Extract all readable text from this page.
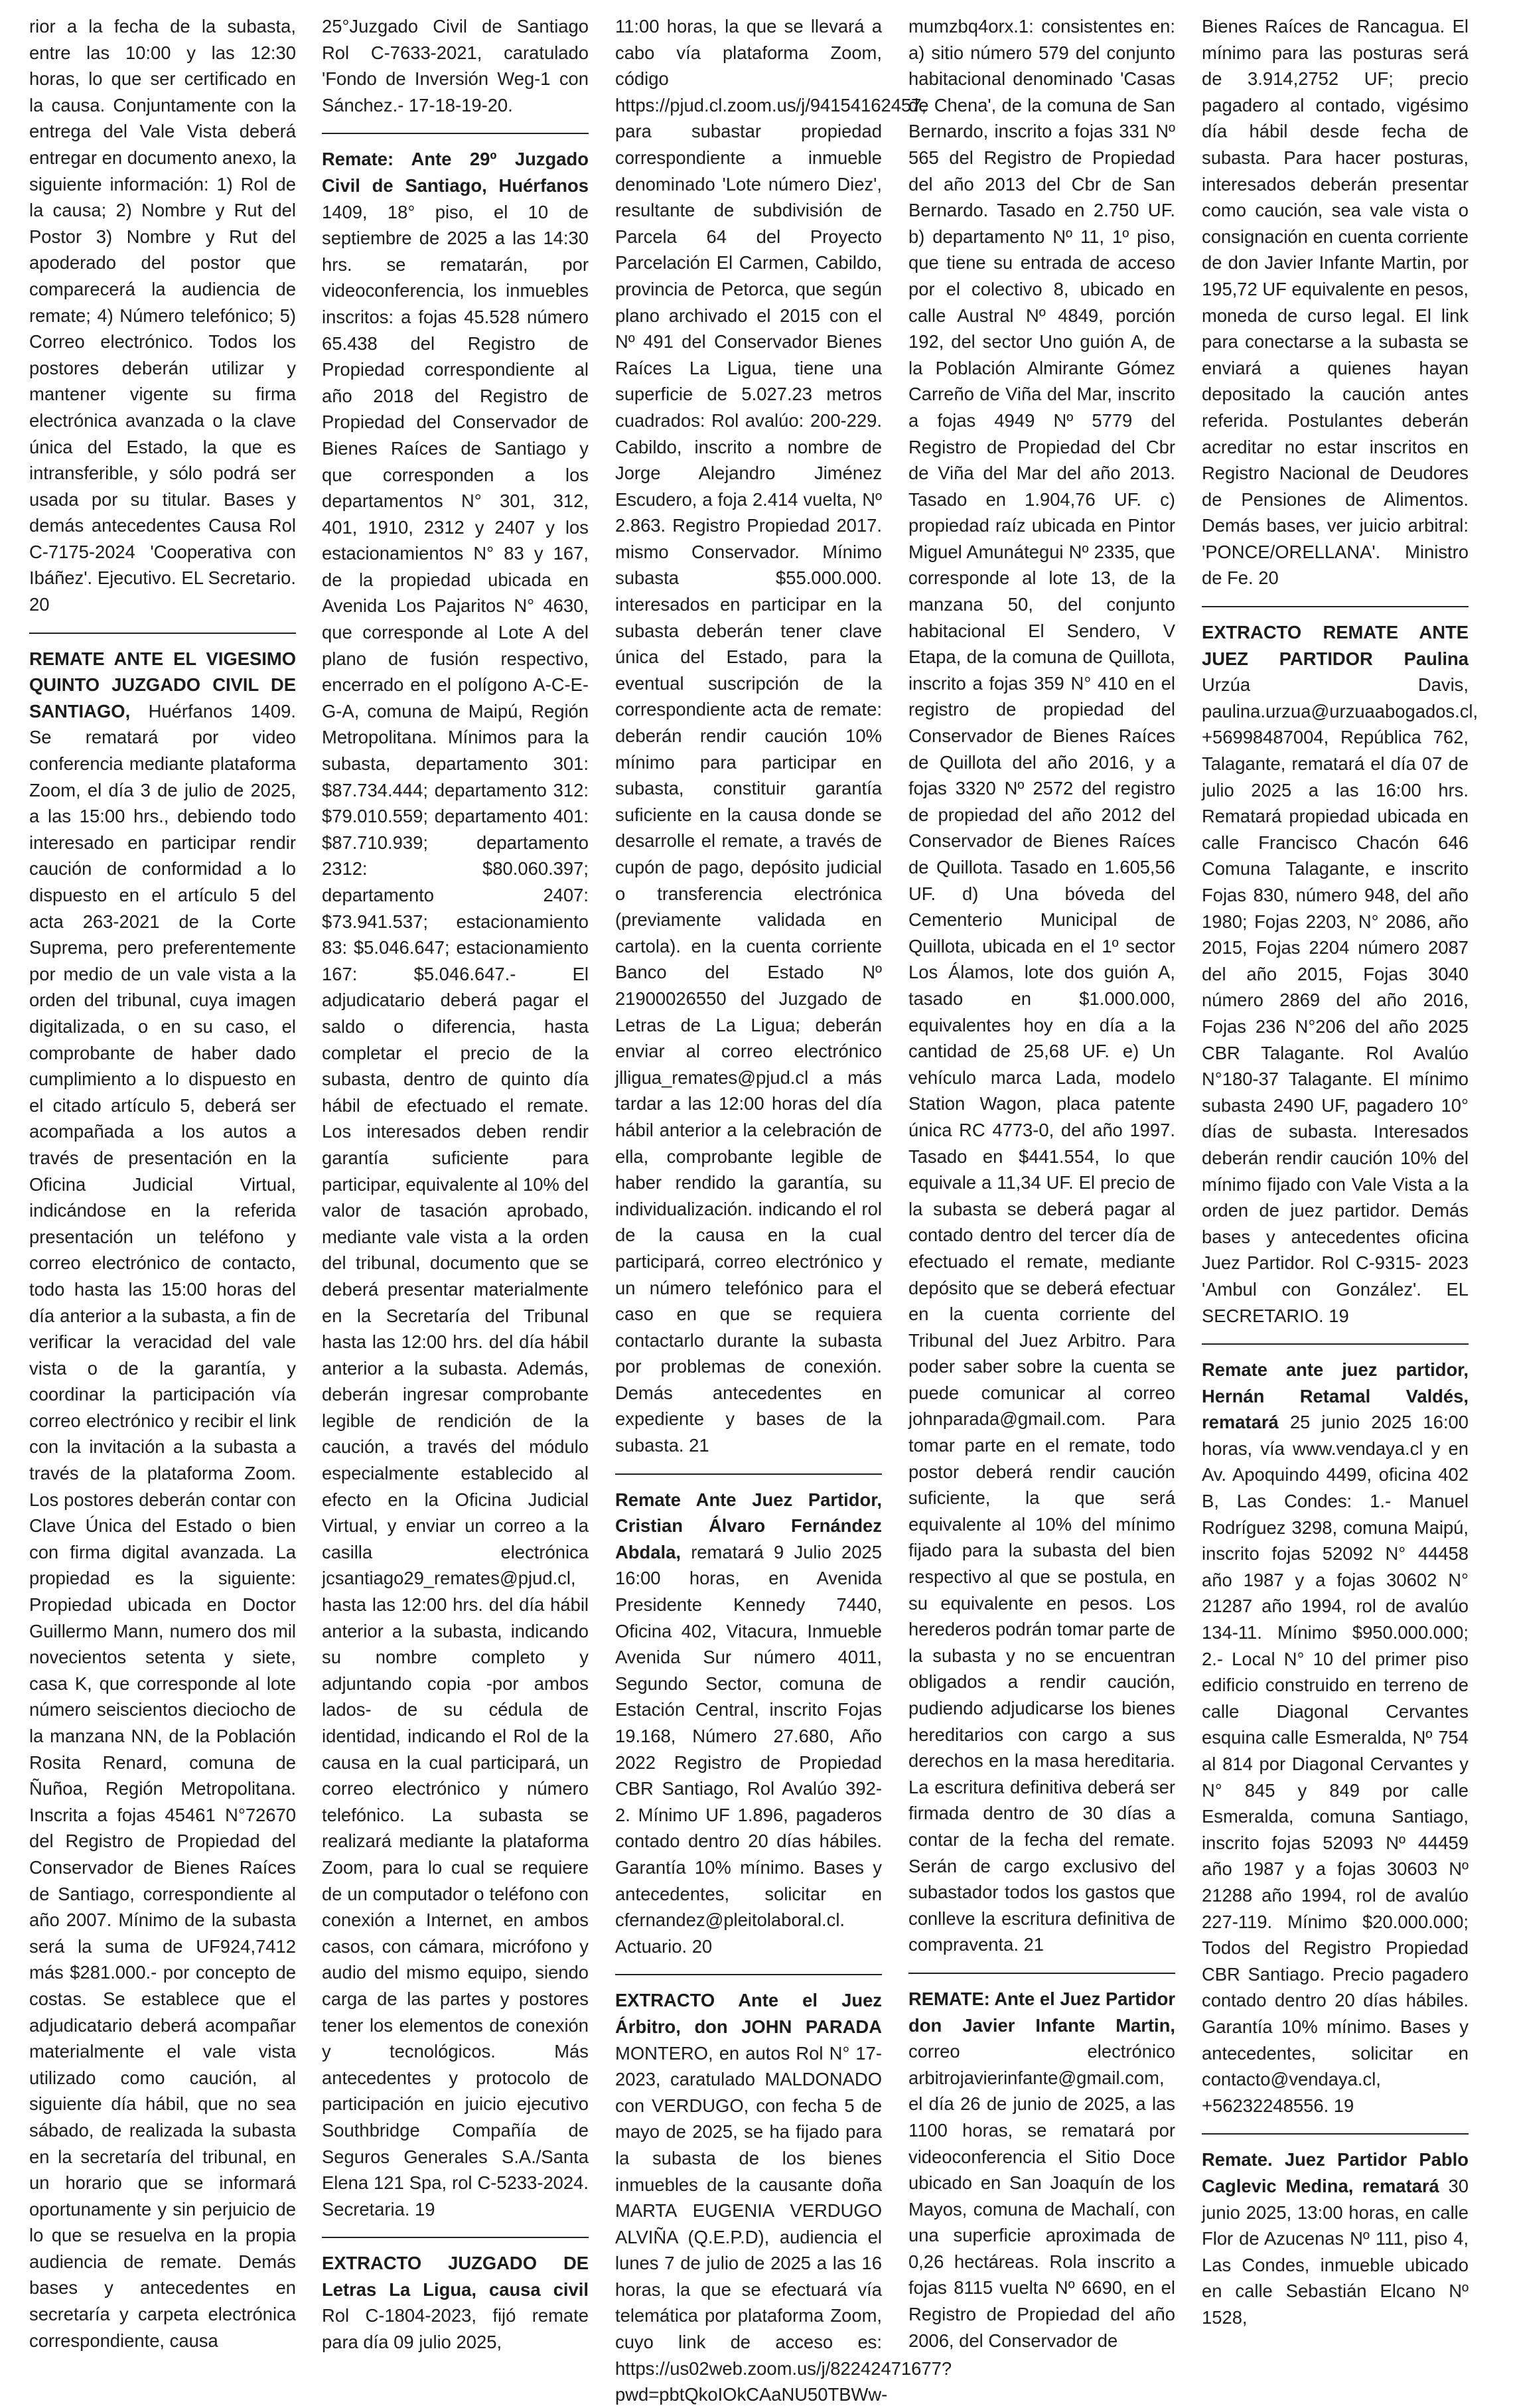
rior a la fecha de la subasta, entre las 10:00 y las 12:30 horas, lo que ser certificado en la causa. Conjuntamente con la entrega del Vale Vista deberá entregar en documento anexo, la siguiente información: 1) Rol de la causa; 2) Nombre y Rut del Postor 3) Nombre y Rut del apoderado del postor que comparecerá la audiencia de remate; 4) Número telefónico; 5) Correo electrónico. Todos los postores deberán utilizar y mantener vigente su firma electrónica avanzada o la clave única del Estado, la que es intransferible, y sólo podrá ser usada por su titular. Bases y demás antecedentes Causa Rol C-7175-2024 'Cooperativa con Ibáñez'. Ejecutivo. EL Secretario. 20

REMATE ANTE EL VIGESIMO QUINTO JUZGADO CIVIL DE SANTIAGO, Huérfanos 1409. Se rematará por video conferencia mediante plataforma Zoom, el día 3 de julio de 2025, a las 15:00 hrs., debiendo todo interesado en participar rendir caución de conformidad a lo dispuesto en el artículo 5 del acta 263-2021 de la Corte Suprema, pero preferentemente por medio de un vale vista a la orden del tribunal, cuya imagen digitalizada, o en su caso, el comprobante de haber dado cumplimiento a lo dispuesto en el citado artículo 5, deberá ser acompañada a los autos a través de presentación en la Oficina Judicial Virtual, indicándose en la referida presentación un teléfono y correo electrónico de contacto, todo hasta las 15:00 horas del día anterior a la subasta, a fin de verificar la veracidad del vale vista o de la garantía, y coordinar la participación vía correo electrónico y recibir el link con la invitación a la subasta a través de la plataforma Zoom. Los postores deberán contar con Clave Única del Estado o bien con firma digital avanzada. La propiedad es la siguiente: Propiedad ubicada en Doctor Guillermo Mann, numero dos mil novecientos setenta y siete, casa K, que corresponde al lote número seiscientos dieciocho de la manzana NN, de la Población Rosita Renard, comuna de Ñuñoa, Región Metropolitana. Inscrita a fojas 45461 N°72670 del Registro de Propiedad del Conservador de Bienes Raíces de Santiago, correspondiente al año 2007. Mínimo de la subasta será la suma de UF924,7412 más $281.000.- por concepto de costas. Se establece que el adjudicatario deberá acompañar materialmente el vale vista utilizado como caución, al siguiente día hábil, que no sea sábado, de realizada la subasta en la secretaría del tribunal, en un horario que se informará oportunamente y sin perjuicio de lo que se resuelva en la propia audiencia de remate. Demás bases y antecedentes en secretaría y carpeta electrónica correspondiente, causa

25°Juzgado Civil de Santiago Rol C-7633-2021, caratulado 'Fondo de Inversión Weg-1 con Sánchez.- 17-18-19-20.

Remate: Ante 29º Juzgado Civil de Santiago, Huérfanos 1409, 18° piso, el 10 de septiembre de 2025 a las 14:30 hrs. se rematarán, por videoconferencia, los inmuebles inscritos: a fojas 45.528 número 65.438 del Registro de Propiedad correspondiente al año 2018 del Registro de Propiedad del Conservador de Bienes Raíces de Santiago y que corresponden a los departamentos N° 301, 312, 401, 1910, 2312 y 2407 y los estacionamientos N° 83 y 167, de la propiedad ubicada en Avenida Los Pajaritos N° 4630, que corresponde al Lote A del plano de fusión respectivo, encerrado en el polígono A-C-E-G-A, comuna de Maipú, Región Metropolitana. Mínimos para la subasta, departamento 301: $87.734.444; departamento 312: $79.010.559; departamento 401: $87.710.939; departamento 2312: $80.060.397; departamento 2407: $73.941.537; estacionamiento 83: $5.046.647; estacionamiento 167: $5.046.647.- El adjudicatario deberá pagar el saldo o diferencia, hasta completar el precio de la subasta, dentro de quinto día hábil de efectuado el remate. Los interesados deben rendir garantía suficiente para participar, equivalente al 10% del valor de tasación aprobado, mediante vale vista a la orden del tribunal, documento que se deberá presentar materialmente en la Secretaría del Tribunal hasta las 12:00 hrs. del día hábil anterior a la subasta. Además, deberán ingresar comprobante legible de rendición de la caución, a través del módulo especialmente establecido al efecto en la Oficina Judicial Virtual, y enviar un correo a la casilla electrónica jcsantiago29_remates@pjud.cl, hasta las 12:00 hrs. del día hábil anterior a la subasta, indicando su nombre completo y adjuntando copia -por ambos lados- de su cédula de identidad, indicando el Rol de la causa en la cual participará, un correo electrónico y número telefónico. La subasta se realizará mediante la plataforma Zoom, para lo cual se requiere de un computador o teléfono con conexión a Internet, en ambos casos, con cámara, micrófono y audio del mismo equipo, siendo carga de las partes y postores tener los elementos de conexión y tecnológicos. Más antecedentes y protocolo de participación en juicio ejecutivo Southbridge Compañía de Seguros Generales S.A./Santa Elena 121 Spa, rol C-5233-2024. Secretaria. 19

EXTRACTO JUZGADO DE Letras La Ligua, causa civil Rol C-1804-2023, fijó remate para día 09 julio 2025,

11:00 horas, la que se llevará a cabo vía plataforma Zoom, código https://pjud.cl.zoom.us/j/94154162457, para subastar propiedad correspondiente a inmueble denominado 'Lote número Diez', resultante de subdivisión de Parcela 64 del Proyecto Parcelación El Carmen, Cabildo, provincia de Petorca, que según plano archivado el 2015 con el Nº 491 del Conservador Bienes Raíces La Ligua, tiene una superficie de 5.027.23 metros cuadrados: Rol avalúo: 200-229. Cabildo, inscrito a nombre de Jorge Alejandro Jiménez Escudero, a foja 2.414 vuelta, Nº 2.863. Registro Propiedad 2017. mismo Conservador. Mínimo subasta $55.000.000. interesados en participar en la subasta deberán tener clave única del Estado, para la eventual suscripción de la correspondiente acta de remate: deberán rendir caución 10% mínimo para participar en subasta, constituir garantía suficiente en la causa donde se desarrolle el remate, a través de cupón de pago, depósito judicial o transferencia electrónica (previamente validada en cartola). en la cuenta corriente Banco del Estado Nº 21900026550 del Juzgado de Letras de La Ligua; deberán enviar al correo electrónico jlligua_remates@pjud.cl a más tardar a las 12:00 horas del día hábil anterior a la celebración de ella, comprobante legible de haber rendido la garantía, su individualización. indicando el rol de la causa en la cual participará, correo electrónico y un número telefónico para el caso en que se requiera contactarlo durante la subasta por problemas de conexión. Demás antecedentes en expediente y bases de la subasta. 21

Remate Ante Juez Partidor, Cristian Álvaro Fernández Abdala, rematará 9 Julio 2025 16:00 horas, en Avenida Presidente Kennedy 7440, Oficina 402, Vitacura, Inmueble Avenida Sur número 4011, Segundo Sector, comuna de Estación Central, inscrito Fojas 19.168, Número 27.680, Año 2022 Registro de Propiedad CBR Santiago, Rol Avalúo 392-2. Mínimo UF 1.896, pagaderos contado dentro 20 días hábiles. Garantía 10% mínimo. Bases y antecedentes, solicitar en cfernandez@pleitolaboral.cl. Actuario. 20

EXTRACTO Ante el Juez Árbitro, don JOHN PARADA MONTERO, en autos Rol N° 17-2023, caratulado MALDONADO con VERDUGO, con fecha 5 de mayo de 2025, se ha fijado para la subasta de los bienes inmuebles de la causante doña MARTA EUGENIA VERDUGO ALVIÑA (Q.E.P.D), audiencia el lunes 7 de julio de 2025 a las 16 horas, la que se efectuará vía telemática por plataforma Zoom, cuyo link de acceso es: https://us02web.zoom.us/j/82242471677?pwd=pbtQkoIOkCAaNU50TBWw-

mumzbq4orx.1: consistentes en: a) sitio número 579 del conjunto habitacional denominado 'Casas de Chena', de la comuna de San Bernardo, inscrito a fojas 331 Nº 565 del Registro de Propiedad del año 2013 del Cbr de San Bernardo. Tasado en 2.750 UF. b) departamento Nº 11, 1º piso, que tiene su entrada de acceso por el colectivo 8, ubicado en calle Austral Nº 4849, porción 192, del sector Uno guión A, de la Población Almirante Gómez Carreño de Viña del Mar, inscrito a fojas 4949 Nº 5779 del Registro de Propiedad del Cbr de Viña del Mar del año 2013. Tasado en 1.904,76 UF. c) propiedad raíz ubicada en Pintor Miguel Amunátegui Nº 2335, que corresponde al lote 13, de la manzana 50, del conjunto habitacional El Sendero, V Etapa, de la comuna de Quillota, inscrito a fojas 359 N° 410 en el registro de propiedad del Conservador de Bienes Raíces de Quillota del año 2016, y a fojas 3320 Nº 2572 del registro de propiedad del año 2012 del Conservador de Bienes Raíces de Quillota. Tasado en 1.605,56 UF. d) Una bóveda del Cementerio Municipal de Quillota, ubicada en el 1º sector Los Álamos, lote dos guión A, tasado en $1.000.000, equivalentes hoy en día a la cantidad de 25,68 UF. e) Un vehículo marca Lada, modelo Station Wagon, placa patente única RC 4773-0, del año 1997. Tasado en $441.554, lo que equivale a 11,34 UF. El precio de la subasta se deberá pagar al contado dentro del tercer día de efectuado el remate, mediante depósito que se deberá efectuar en la cuenta corriente del Tribunal del Juez Arbitro. Para poder saber sobre la cuenta se puede comunicar al correo johnparada@gmail.com. Para tomar parte en el remate, todo postor deberá rendir caución suficiente, la que será equivalente al 10% del mínimo fijado para la subasta del bien respectivo al que se postula, en su equivalente en pesos. Los herederos podrán tomar parte de la subasta y no se encuentran obligados a rendir caución, pudiendo adjudicarse los bienes hereditarios con cargo a sus derechos en la masa hereditaria. La escritura definitiva deberá ser firmada dentro de 30 días a contar de la fecha del remate. Serán de cargo exclusivo del subastador todos los gastos que conlleve la escritura definitiva de compraventa. 21

REMATE: Ante el Juez Partidor don Javier Infante Martin, correo electrónico arbitrojavierinfante@gmail.com, el día 26 de junio de 2025, a las 1100 horas, se rematará por videoconferencia el Sitio Doce ubicado en San Joaquín de los Mayos, comuna de Machalí, con una superficie aproximada de 0,26 hectáreas. Rola inscrito a fojas 8115 vuelta Nº 6690, en el Registro de Propiedad del año 2006, del Conservador de

Bienes Raíces de Rancagua. El mínimo para las posturas será de 3.914,2752 UF; precio pagadero al contado, vigésimo día hábil desde fecha de subasta. Para hacer posturas, interesados deberán presentar como caución, sea vale vista o consignación en cuenta corriente de don Javier Infante Martin, por 195,72 UF equivalente en pesos, moneda de curso legal. El link para conectarse a la subasta se enviará a quienes hayan depositado la caución antes referida. Postulantes deberán acreditar no estar inscritos en Registro Nacional de Deudores de Pensiones de Alimentos. Demás bases, ver juicio arbitral: 'PONCE/ORELLANA'. Ministro de Fe. 20

EXTRACTO REMATE ANTE JUEZ PARTIDOR Paulina Urzúa Davis, paulina.urzua@urzuaabogados.cl, +56998487004, República 762, Talagante, rematará el día 07 de julio 2025 a las 16:00 hrs. Rematará propiedad ubicada en calle Francisco Chacón 646 Comuna Talagante, e inscrito Fojas 830, número 948, del año 1980; Fojas 2203, N° 2086, año 2015, Fojas 2204 número 2087 del año 2015, Fojas 3040 número 2869 del año 2016, Fojas 236 N°206 del año 2025 CBR Talagante. Rol Avalúo N°180-37 Talagante. El mínimo subasta 2490 UF, pagadero 10° días de subasta. Interesados deberán rendir caución 10% del mínimo fijado con Vale Vista a la orden de juez partidor. Demás bases y antecedentes oficina Juez Partidor. Rol C-9315- 2023 'Ambul con González'. EL SECRETARIO. 19

Remate ante juez partidor, Hernán Retamal Valdés, rematará 25 junio 2025 16:00 horas, vía www.vendaya.cl y en Av. Apoquindo 4499, oficina 402 B, Las Condes: 1.- Manuel Rodríguez 3298, comuna Maipú, inscrito fojas 52092 N° 44458 año 1987 y a fojas 30602 N° 21287 año 1994, rol de avalúo 134-11. Mínimo $950.000.000; 2.- Local N° 10 del primer piso edificio construido en terreno de calle Diagonal Cervantes esquina calle Esmeralda, Nº 754 al 814 por Diagonal Cervantes y N° 845 y 849 por calle Esmeralda, comuna Santiago, inscrito fojas 52093 Nº 44459 año 1987 y a fojas 30603 Nº 21288 año 1994, rol de avalúo 227-119. Mínimo $20.000.000; Todos del Registro Propiedad CBR Santiago. Precio pagadero contado dentro 20 días hábiles. Garantía 10% mínimo. Bases y antecedentes, solicitar en contacto@vendaya.cl, +56232248556. 19

Remate. Juez Partidor Pablo Caglevic Medina, rematará 30 junio 2025, 13:00 horas, en calle Flor de Azucenas Nº 111, piso 4, Las Condes, inmueble ubicado en calle Sebastián Elcano Nº 1528,
